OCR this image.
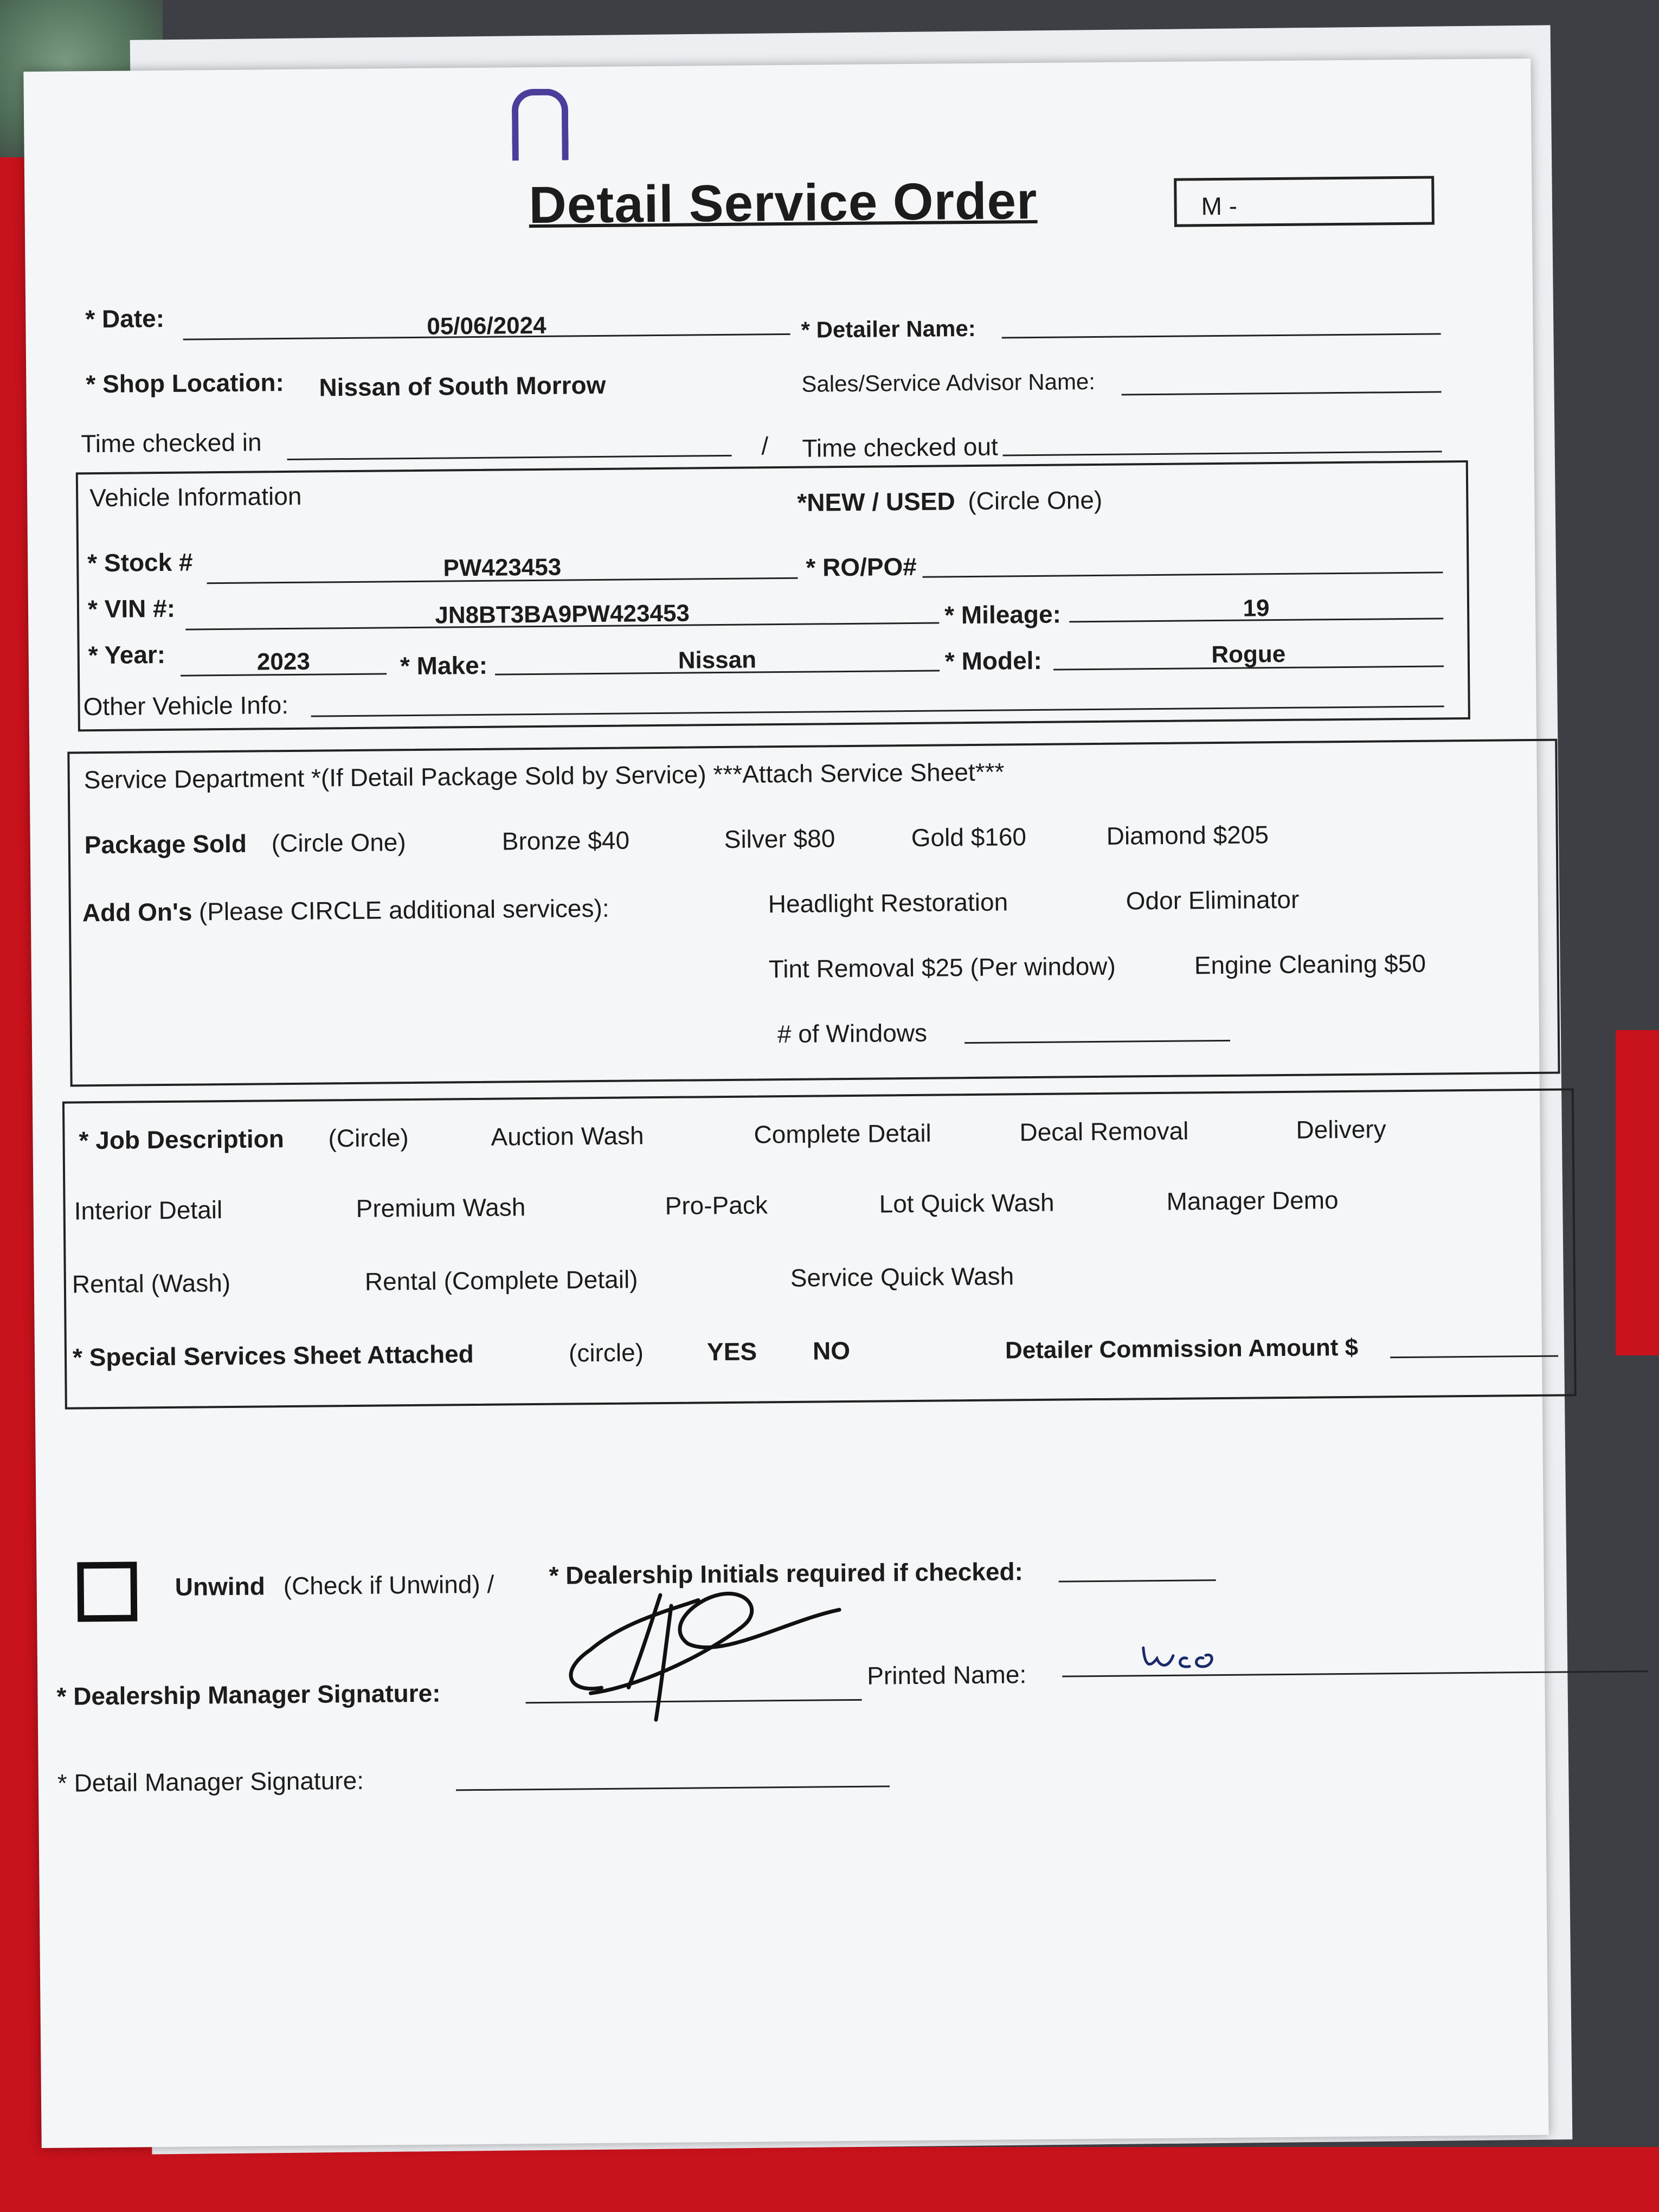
Detail Service Order	M -
* Date:	05/06/2024	* Detailer Name:
* Shop Location: Nissan of South Morrow	Sales/Service Advisor Name:
Time checked in	/ Time checked out
Vehicle Information	*NEW / USED (Circle One)
* Stock #	PW423453	* RO/PO#
* VIN #:	JN8BT3BA9PW423453	* Mileage:	19
* Year:	2023	* Make:	Nissan	* Model:	Rogue
Other Vehicle Info:
Service Department *(If Detail Package Sold by Service) ***Attach Service Sheet***
Package Sold (Circle One)	Bronze $40	Silver $80	Gold $160	Diamond $205
Add On's (Please CIRCLE additional services):	Headlight Restoration	Odor Eliminator
Tint Removal $25 (Per window)	Engine Cleaning $50
# of Windows
* Job Description (Circle)	Auction Wash	Complete Detail	Decal Removal	Delivery
Interior Detail	Premium Wash	Pro-Pack	Lot Quick Wash	Manager Demo
Rental (Wash)	Rental (Complete Detail)	Service Quick Wash
* Special Services Sheet Attached	(circle)	YES NO	Detailer Commission Amount $
Unwind (Check if Unwind) / * Dealership Initials required if checked:
* Dealership Manager Signature:
Printed Name:
* Detail Manager Signature:
